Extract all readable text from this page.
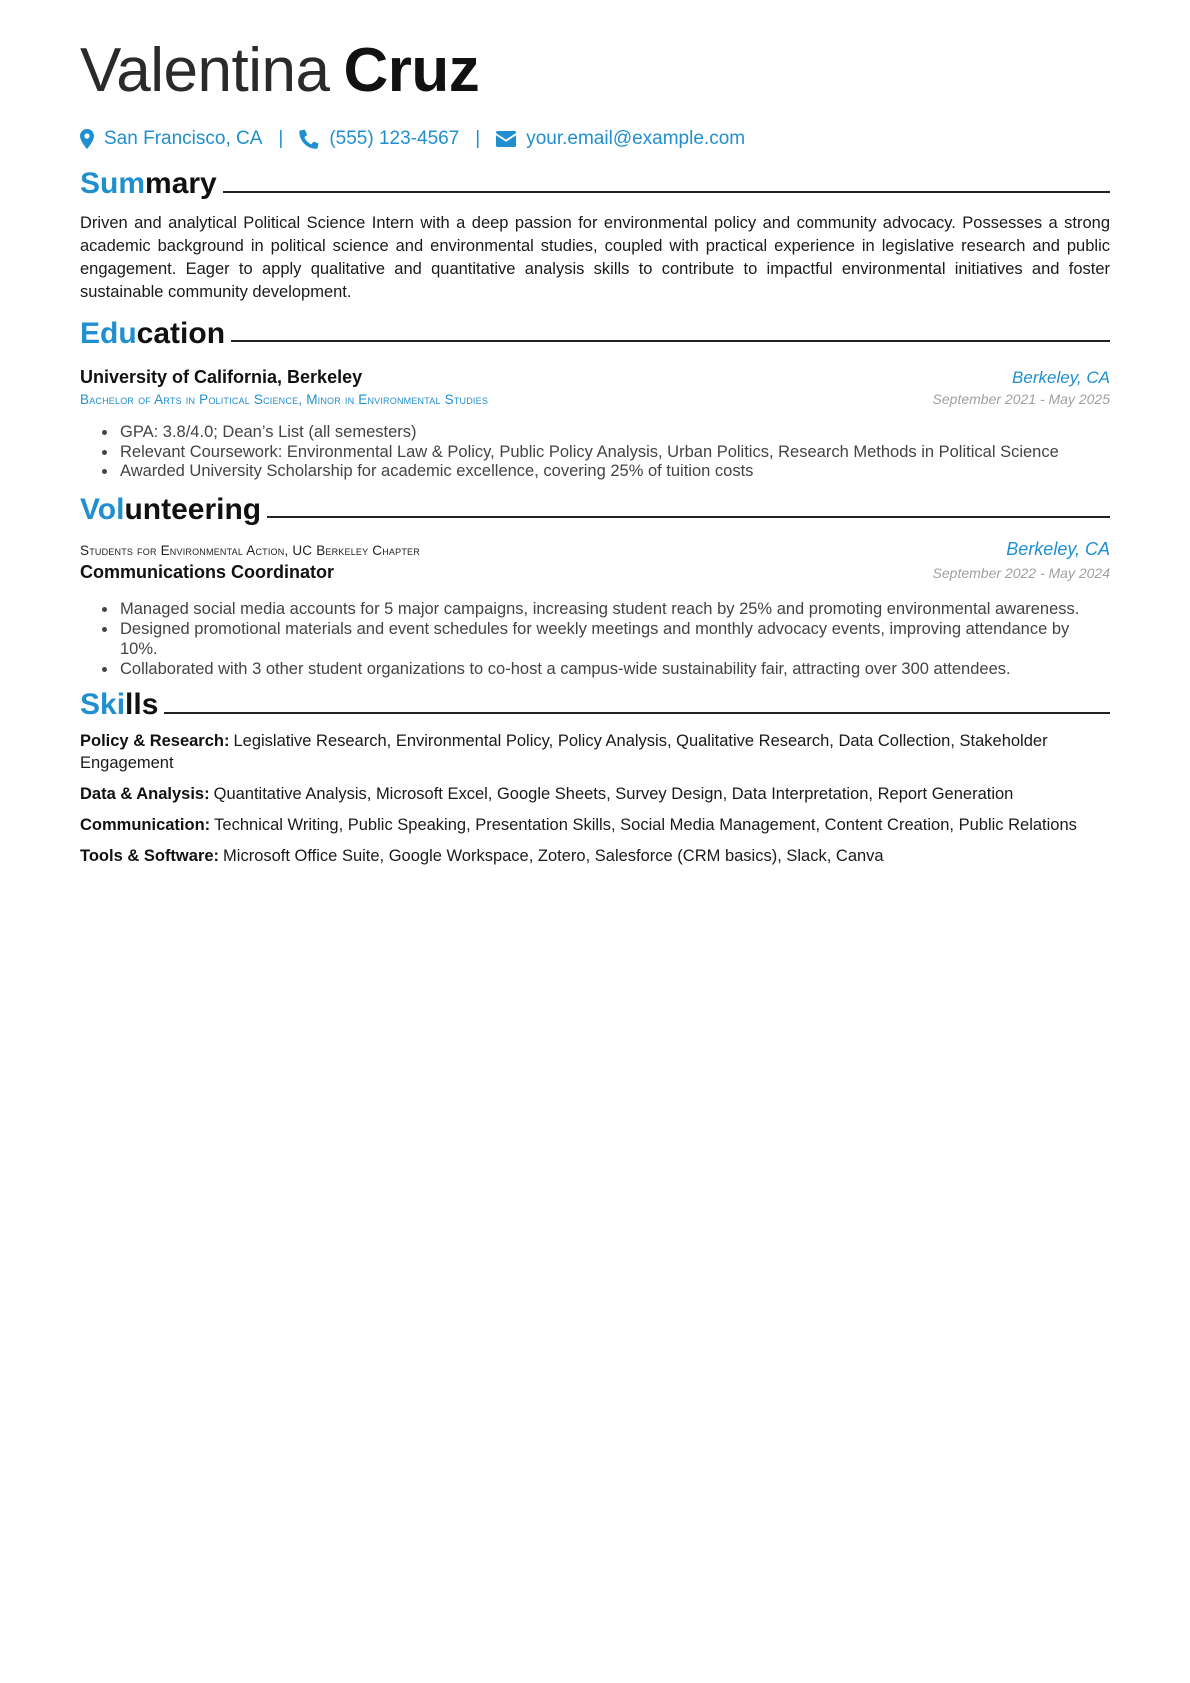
Valentina Cruz
San Francisco, CA | (555) 123-4567 | your.email@example.com
Summary
Driven and analytical Political Science Intern with a deep passion for environmental policy and community advocacy. Possesses a strong academic background in political science and environmental studies, coupled with practical experience in legislative research and public engagement. Eager to apply qualitative and quantitative analysis skills to contribute to impactful environmental initiatives and foster sustainable community development.
Education
University of California, Berkeley	Berkeley, CA
Bachelor of Arts in Political Science, Minor in Environmental Studies	September 2021 - May 2025
• GPA: 3.8/4.0; Dean’s List (all semesters)
• Relevant Coursework: Environmental Law & Policy, Public Policy Analysis, Urban Politics, Research Methods in Political Science
• Awarded University Scholarship for academic excellence, covering 25% of tuition costs
Volunteering
Students for Environmental Action, UC Berkeley Chapter	Berkeley, CA
Communications Coordinator	September 2022 - May 2024
• Managed social media accounts for 5 major campaigns, increasing student reach by 25% and promoting environmental awareness.
• Designed promotional materials and event schedules for weekly meetings and monthly advocacy events, improving attendance by 10%.
• Collaborated with 3 other student organizations to co-host a campus-wide sustainability fair, attracting over 300 attendees.
Skills
Policy & Research: Legislative Research, Environmental Policy, Policy Analysis, Qualitative Research, Data Collection, Stakeholder Engagement
Data & Analysis: Quantitative Analysis, Microsoft Excel, Google Sheets, Survey Design, Data Interpretation, Report Generation
Communication: Technical Writing, Public Speaking, Presentation Skills, Social Media Management, Content Creation, Public Relations
Tools & Software: Microsoft Office Suite, Google Workspace, Zotero, Salesforce (CRM basics), Slack, Canva
